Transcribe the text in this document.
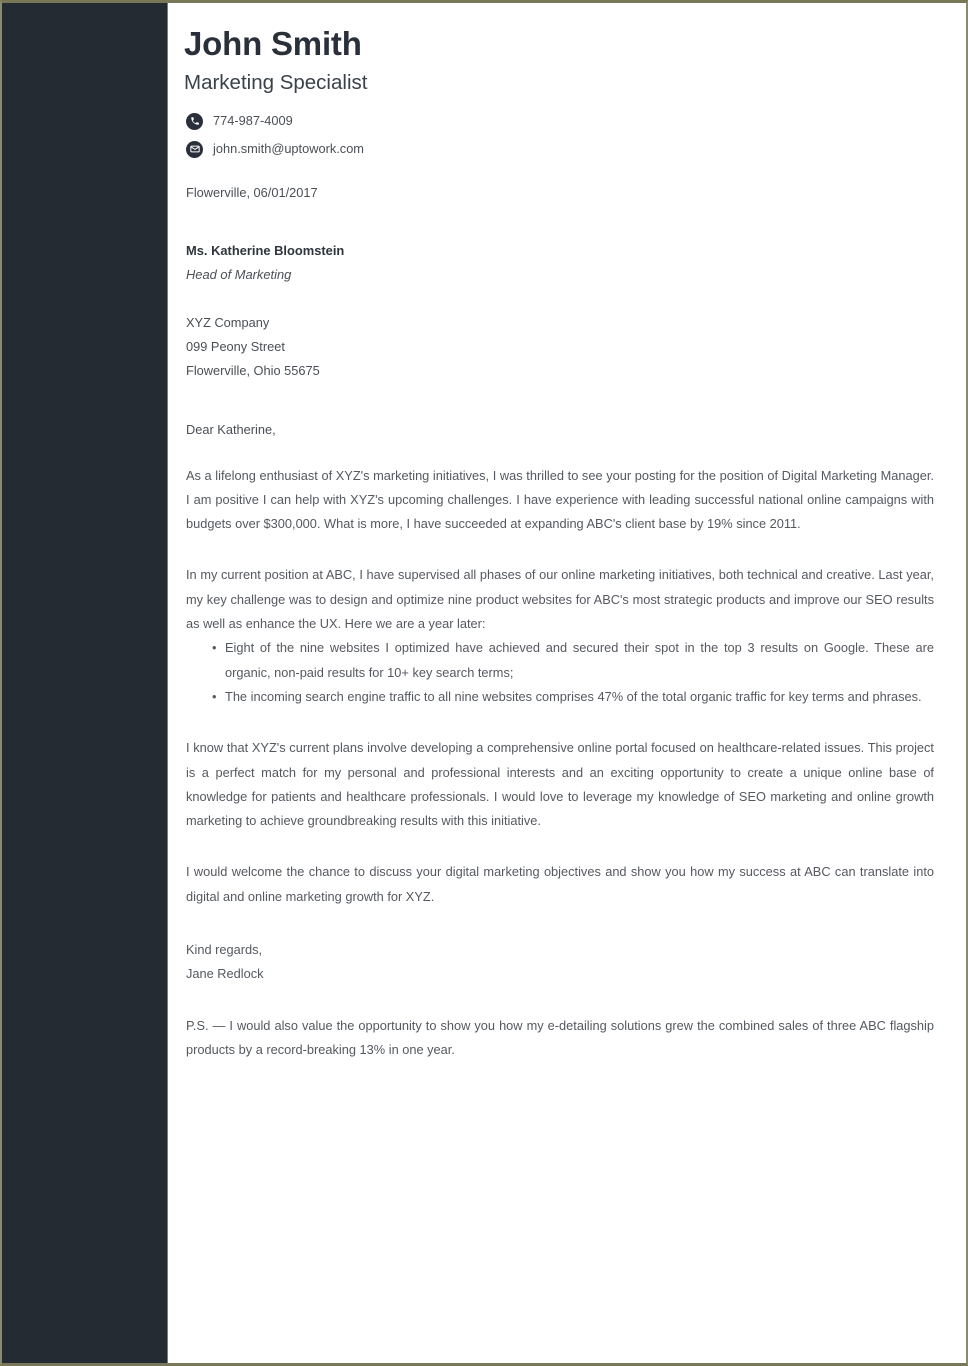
John Smith
Marketing Specialist
774-987-4009
john.smith@uptowork.com
Flowerville, 06/01/2017
Ms. Katherine Bloomstein
Head of Marketing
XYZ Company
099 Peony Street
Flowerville, Ohio 55675
Dear Katherine,

As a lifelong enthusiast of XYZ's marketing initiatives, I was thrilled to see your posting for the position of Digital Marketing Manager. I am positive I can help with XYZ's upcoming challenges. I have experience with leading successful national online campaigns with budgets over $300,000. What is more, I have succeeded at expanding ABC's client base by 19% since 2011.

In my current position at ABC, I have supervised all phases of our online marketing initiatives, both technical and creative. Last year, my key challenge was to design and optimize nine product websites for ABC's most strategic products and improve our SEO results as well as enhance the UX. Here we are a year later:

• Eight of the nine websites I optimized have achieved and secured their spot in the top 3 results on Google. These are organic, non-paid results for 10+ key search terms;
• The incoming search engine traffic to all nine websites comprises 47% of the total organic traffic for key terms and phrases.

I know that XYZ's current plans involve developing a comprehensive online portal focused on healthcare-related issues. This project is a perfect match for my personal and professional interests and an exciting opportunity to create a unique online base of knowledge for patients and healthcare professionals. I would love to leverage my knowledge of SEO marketing and online growth marketing to achieve groundbreaking results with this initiative.

I would welcome the chance to discuss your digital marketing objectives and show you how my success at ABC can translate into digital and online marketing growth for XYZ.

Kind regards,
Jane Redlock

P.S. — I would also value the opportunity to show you how my e-detailing solutions grew the combined sales of three ABC flagship products by a record-breaking 13% in one year.
